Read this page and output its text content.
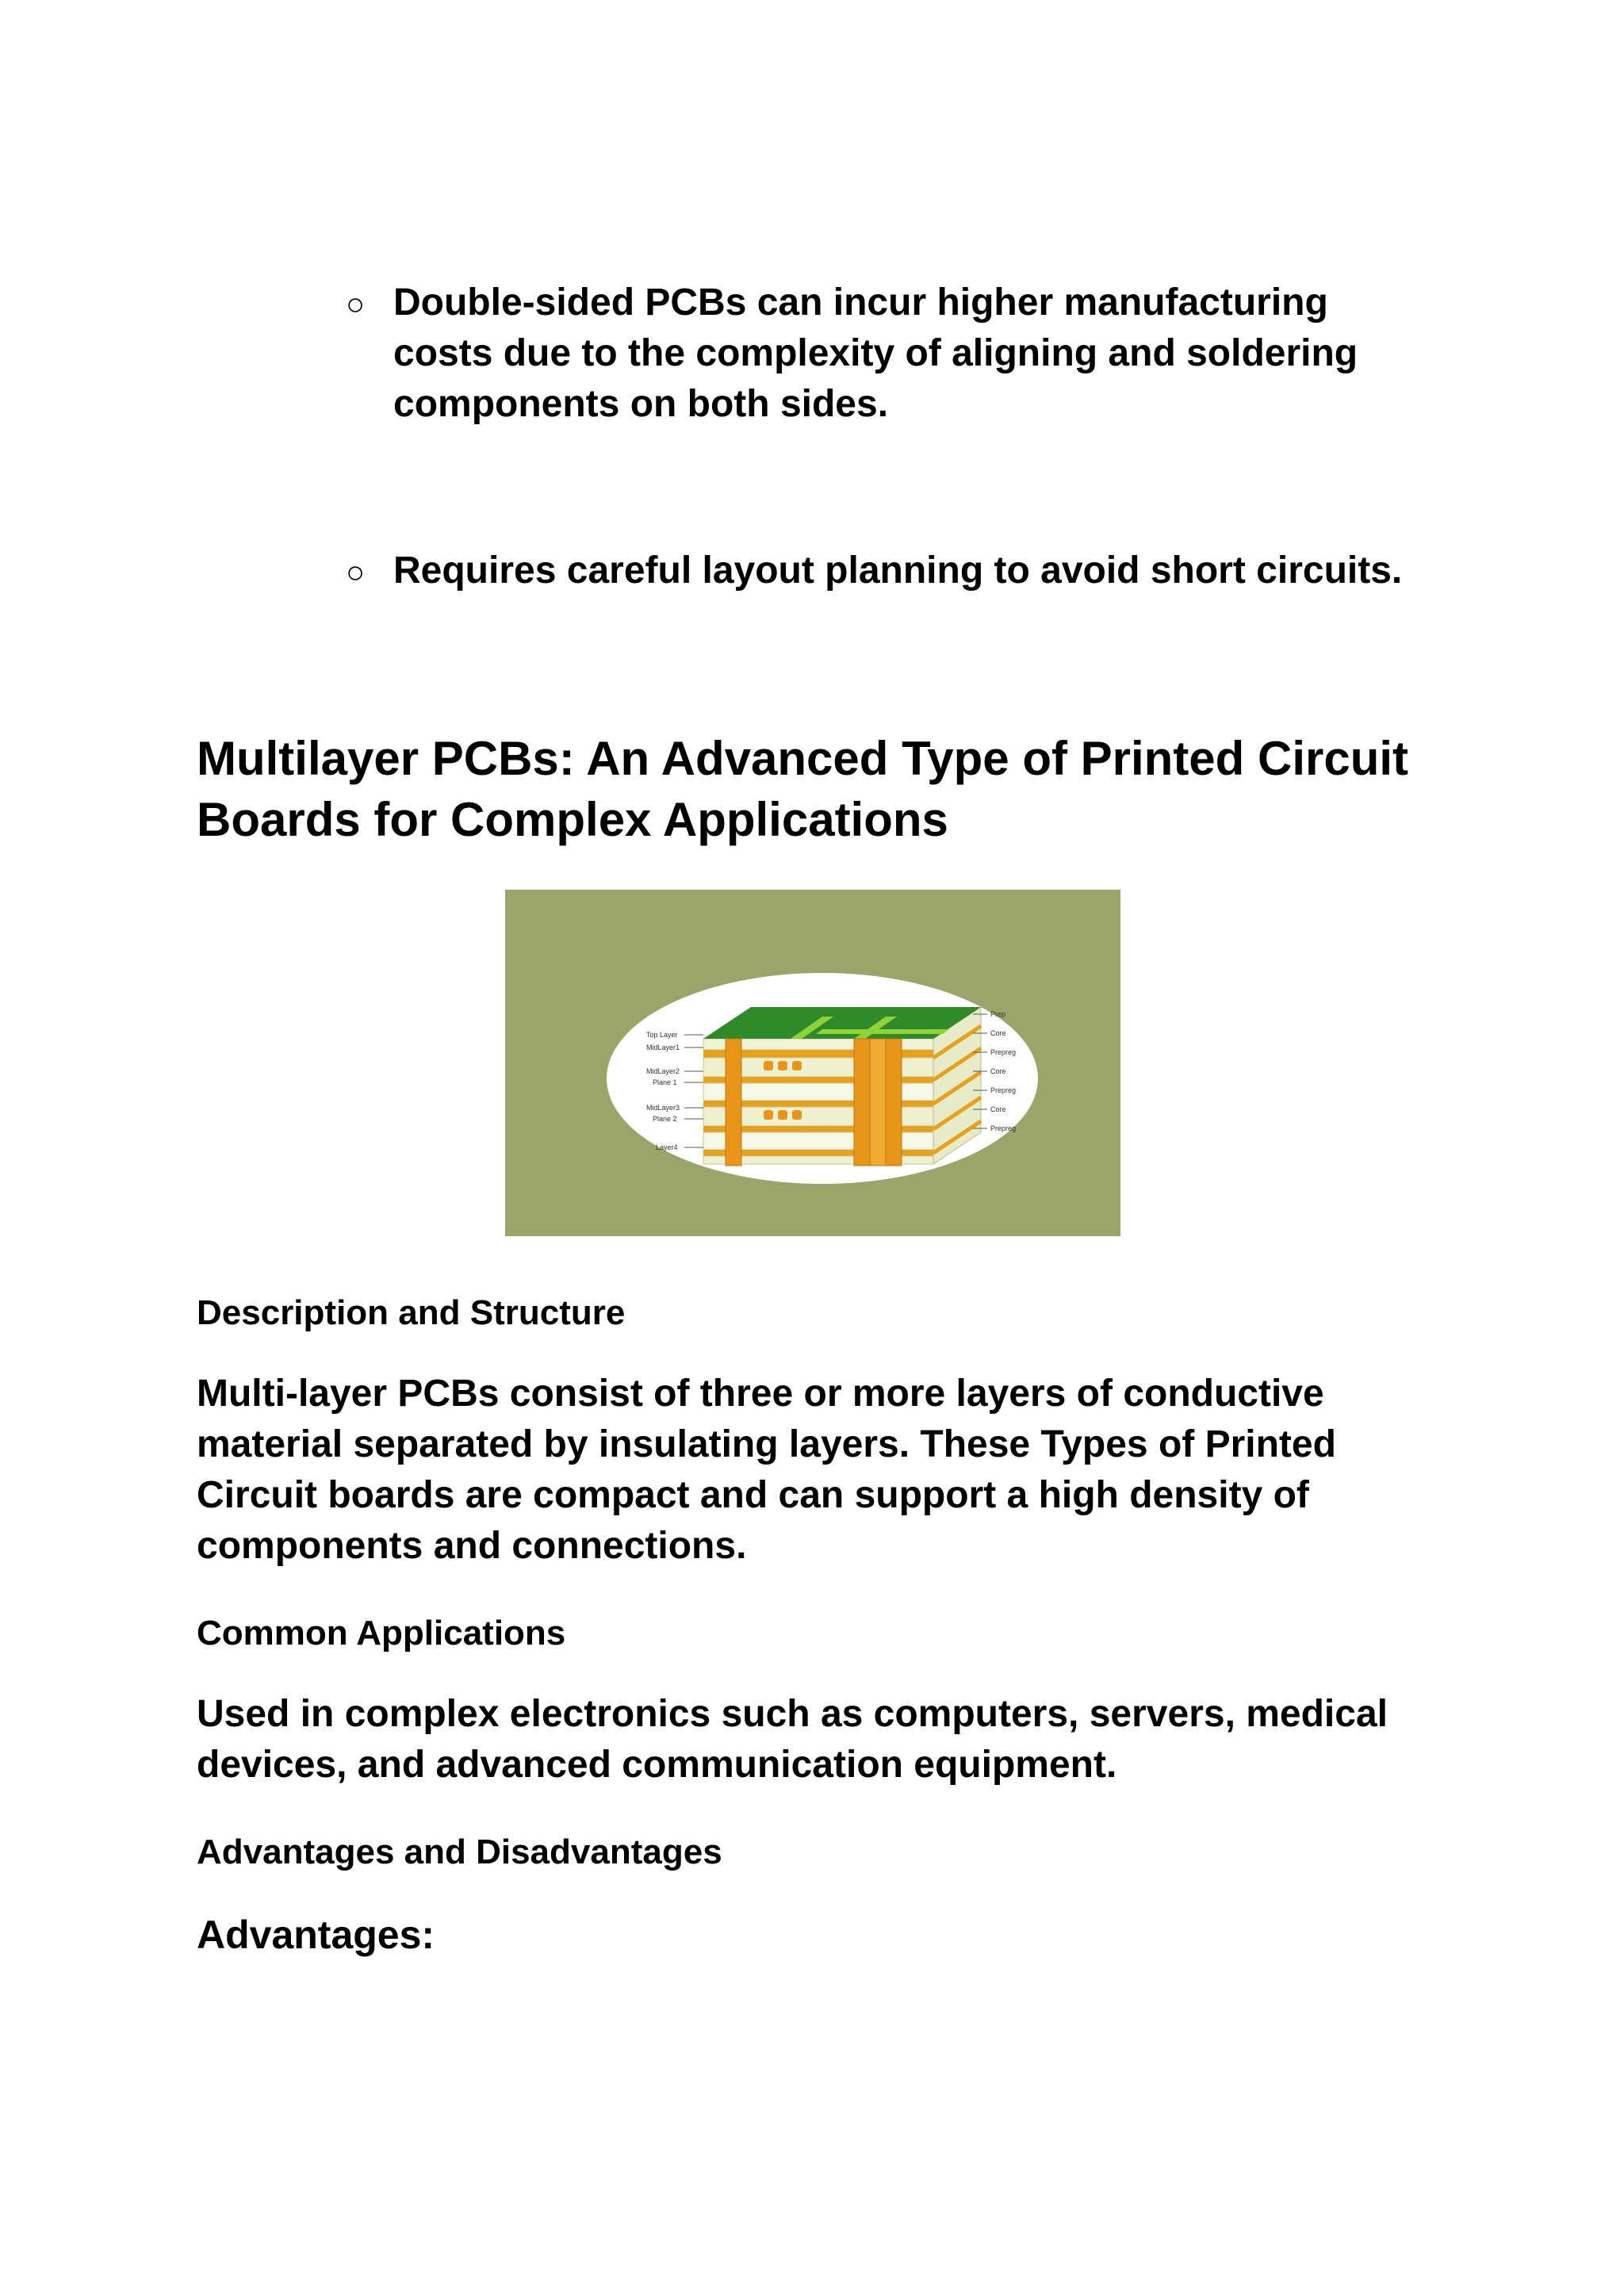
○ Double-sided PCBs can incur higher manufacturing costs due to the complexity of aligning and soldering components on both sides.
○ Requires careful layout planning to avoid short circuits.
Multilayer PCBs: An Advanced Type of Printed Circuit Boards for Complex Applications
Top Layer
MidLayer1
MidLayer2
Plane 1
MidLayer3
Plane 2
Layer4
Prep
Core
Prepreg
Core
Prepreg
Core
Prepreg
Description and Structure

Multi-layer PCBs consist of three or more layers of conductive material separated by insulating layers. These Types of Printed Circuit boards are compact and can support a high density of components and connections.

Common Applications

Used in complex electronics such as computers, servers, medical devices, and advanced communication equipment.

Advantages and Disadvantages
Advantages:
